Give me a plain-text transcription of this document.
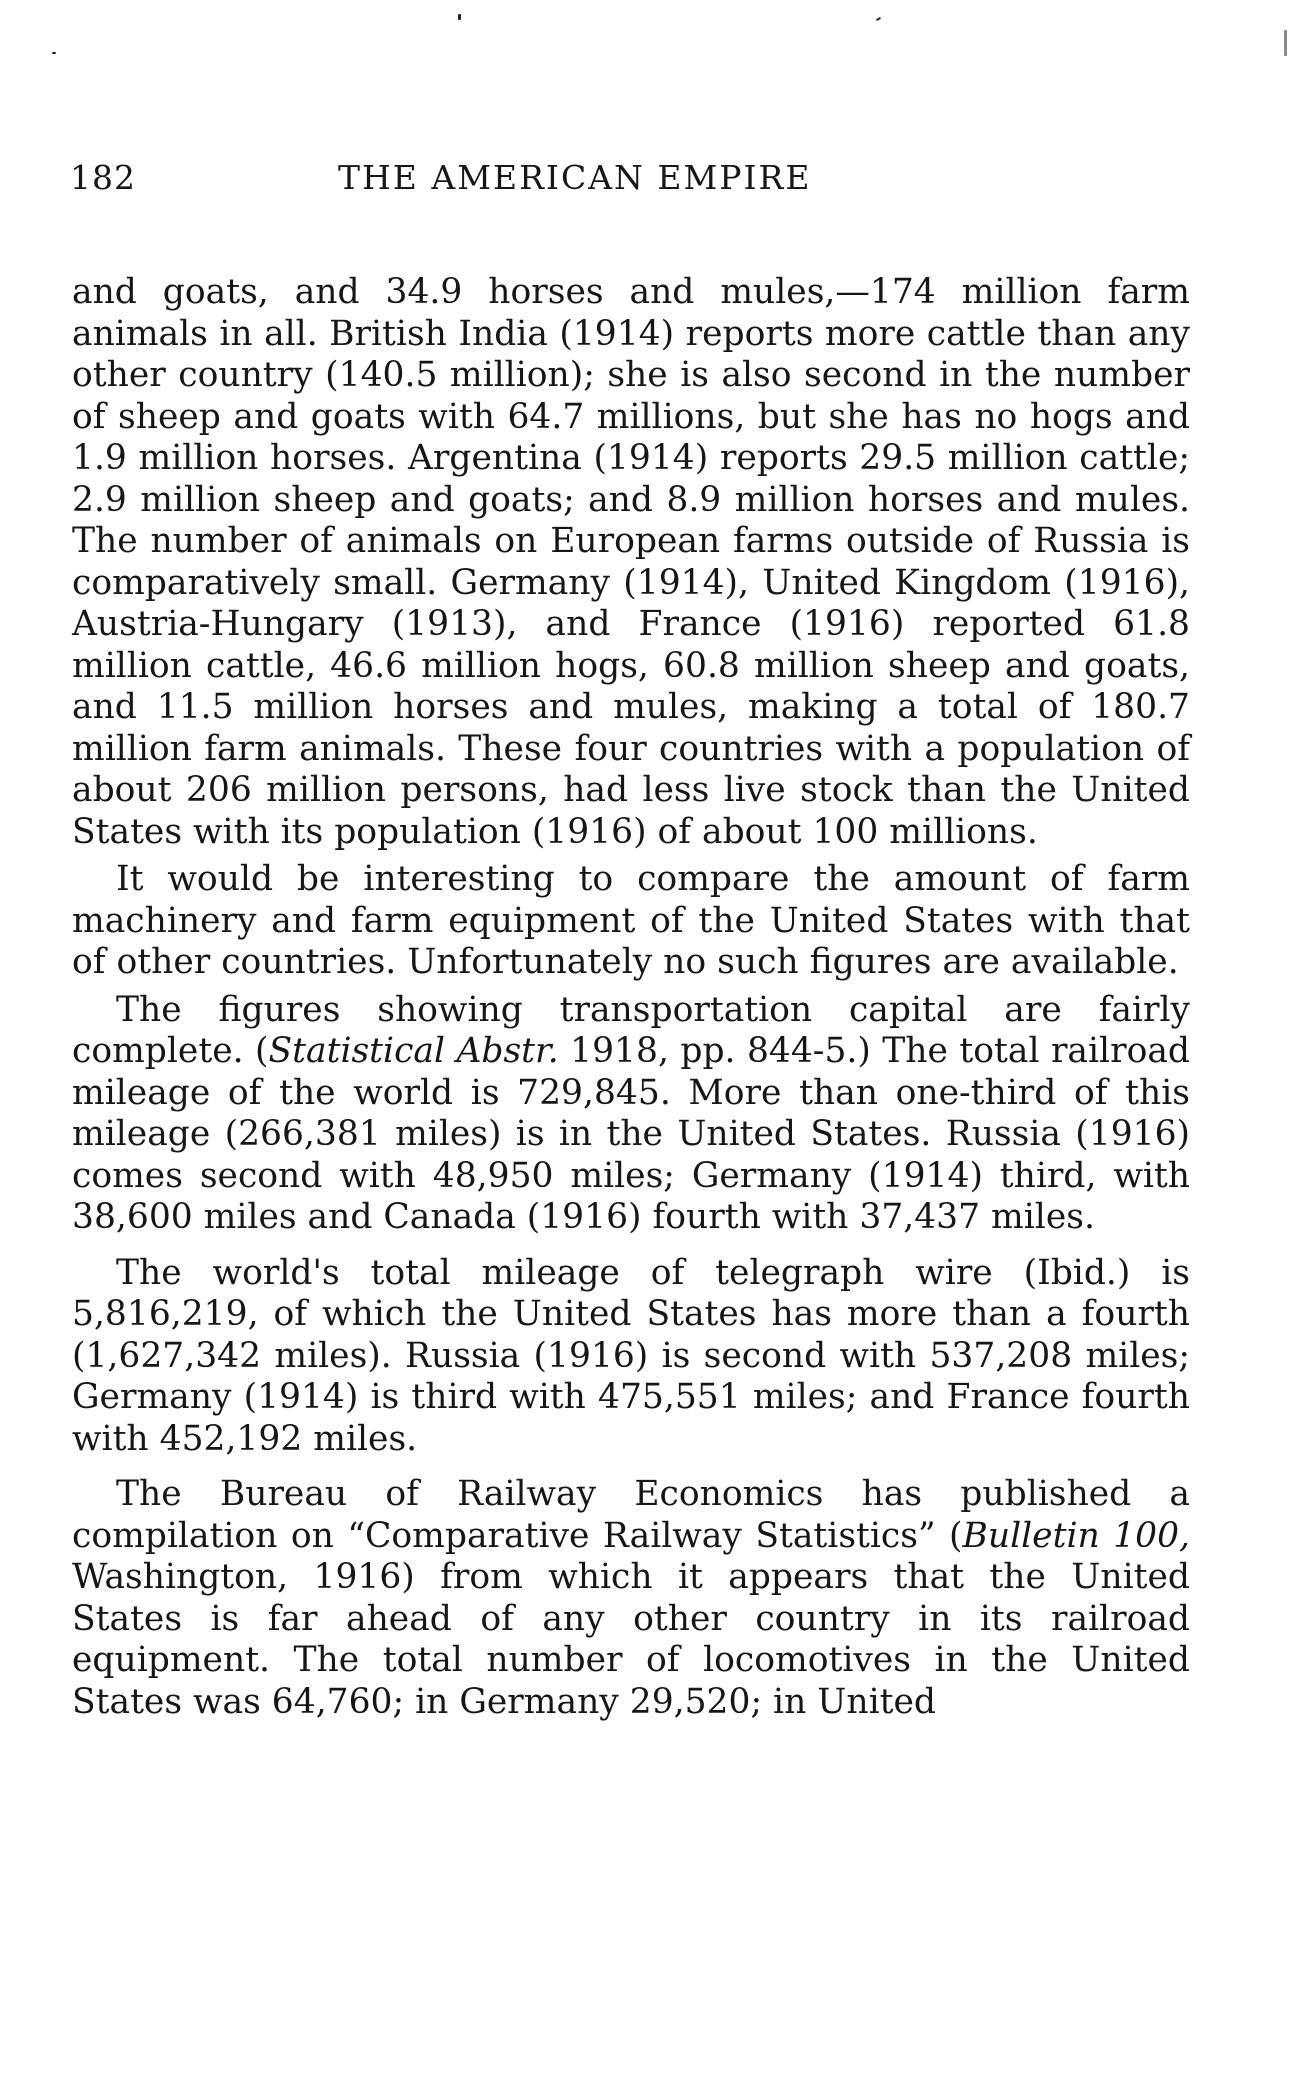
182	THE AMERICAN EMPIRE

and goats, and 34.9 horses and mules,—174 million farm animals in all. British India (1914) reports more cattle than any other country (140.5 million); she is also second in the number of sheep and goats with 64.7 millions, but she has no hogs and 1.9 million horses. Argentina (1914) reports 29.5 million cattle; 2.9 million sheep and goats; and 8.9 million horses and mules. The number of animals on European farms outside of Russia is comparatively small. Germany (1914), United Kingdom (1916), Austria-Hungary (1913), and France (1916) reported 61.8 million cattle, 46.6 million hogs, 60.8 million sheep and goats, and 11.5 million horses and mules, making a total of 180.7 million farm animals. These four countries with a population of about 206 million persons, had less live stock than the United States with its population (1916) of about 100 millions.

It would be interesting to compare the amount of farm machinery and farm equipment of the United States with that of other countries. Unfortunately no such figures are available.

The figures showing transportation capital are fairly complete. (Statistical Abstr. 1918, pp. 844-5.) The total railroad mileage of the world is 729,845. More than one-third of this mileage (266,381 miles) is in the United States. Russia (1916) comes second with 48,950 miles; Germany (1914) third, with 38,600 miles and Canada (1916) fourth with 37,437 miles.

The world's total mileage of telegraph wire (Ibid.) is 5,816,219, of which the United States has more than a fourth (1,627,342 miles). Russia (1916) is second with 537,208 miles; Germany (1914) is third with 475,551 miles; and France fourth with 452,192 miles.

The Bureau of Railway Economics has published a compilation on “Comparative Railway Statistics” (Bulletin 100, Washington, 1916) from which it appears that the United States is far ahead of any other country in its railroad equipment. The total number of locomotives in the United States was 64,760; in Germany 29,520; in United
